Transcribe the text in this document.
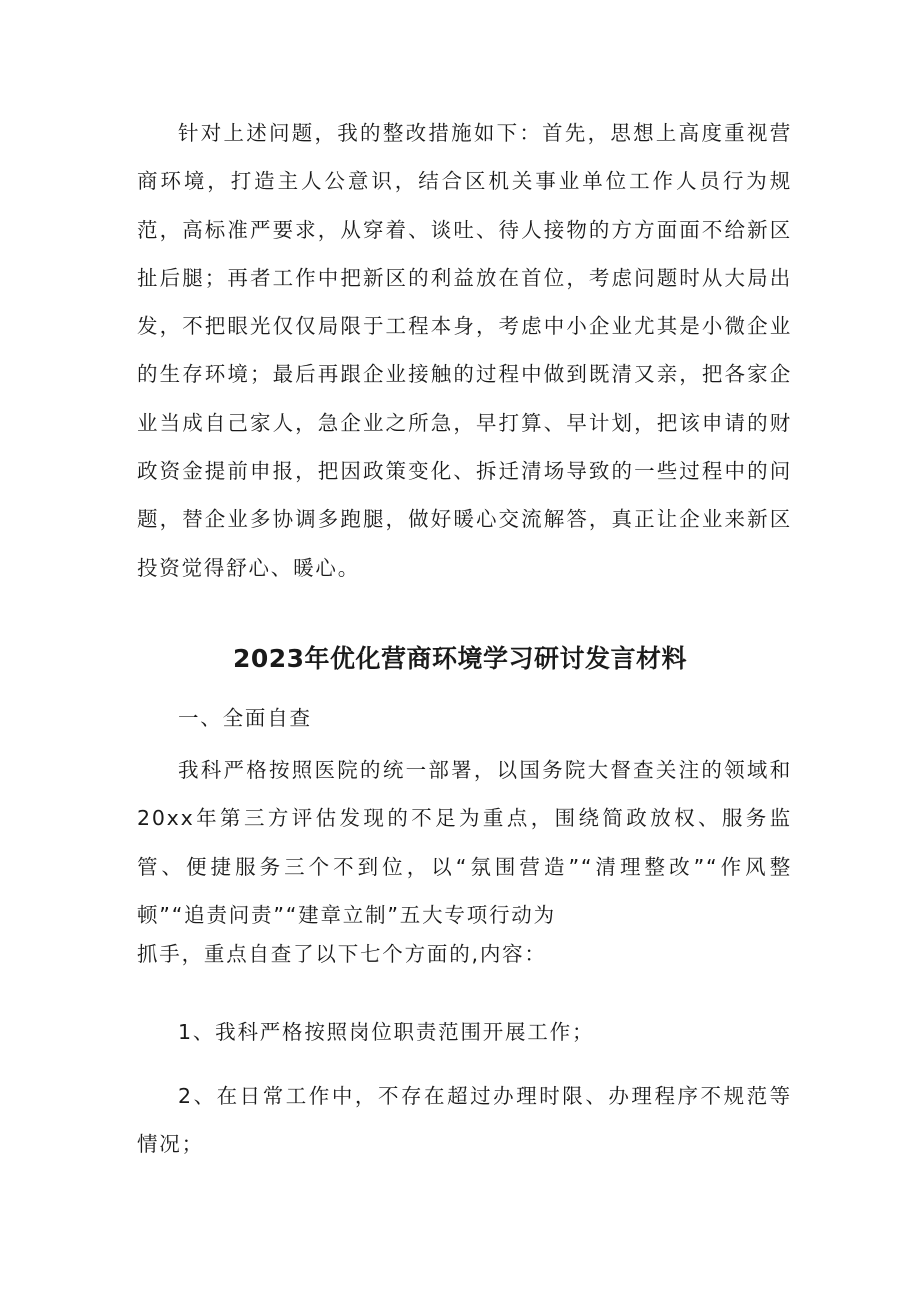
针对上述问题，我的整改措施如下：首先，思想上高度重视营商环境，打造主人公意识，结合区机关事业单位工作人员行为规范，高标准严要求，从穿着、谈吐、待人接物的方方面面不给新区扯后腿；再者工作中把新区的利益放在首位，考虑问题时从大局出发，不把眼光仅仅局限于工程本身，考虑中小企业尤其是小微企业的生存环境；最后再跟企业接触的过程中做到既清又亲，把各家企业当成自己家人，急企业之所急，早打算、早计划，把该申请的财政资金提前申报，把因政策变化、拆迁清场导致的一些过程中的问题，替企业多协调多跑腿，做好暖心交流解答，真正让企业来新区投资觉得舒心、暖心。

2023年优化营商环境学习研讨发言材料

一、全面自查

我科严格按照医院的统一部署，以国务院大督查关注的领域和20xx年第三方评估发现的不足为重点，围绕简政放权、服务监管、便捷服务三个不到位，以“氛围营造”“清理整改”“作风整顿”“追责问责”“建章立制”五大专项行动为

抓手，重点自查了以下七个方面的,内容：

1、我科严格按照岗位职责范围开展工作；

2、在日常工作中，不存在超过办理时限、办理程序不规范等情况；
